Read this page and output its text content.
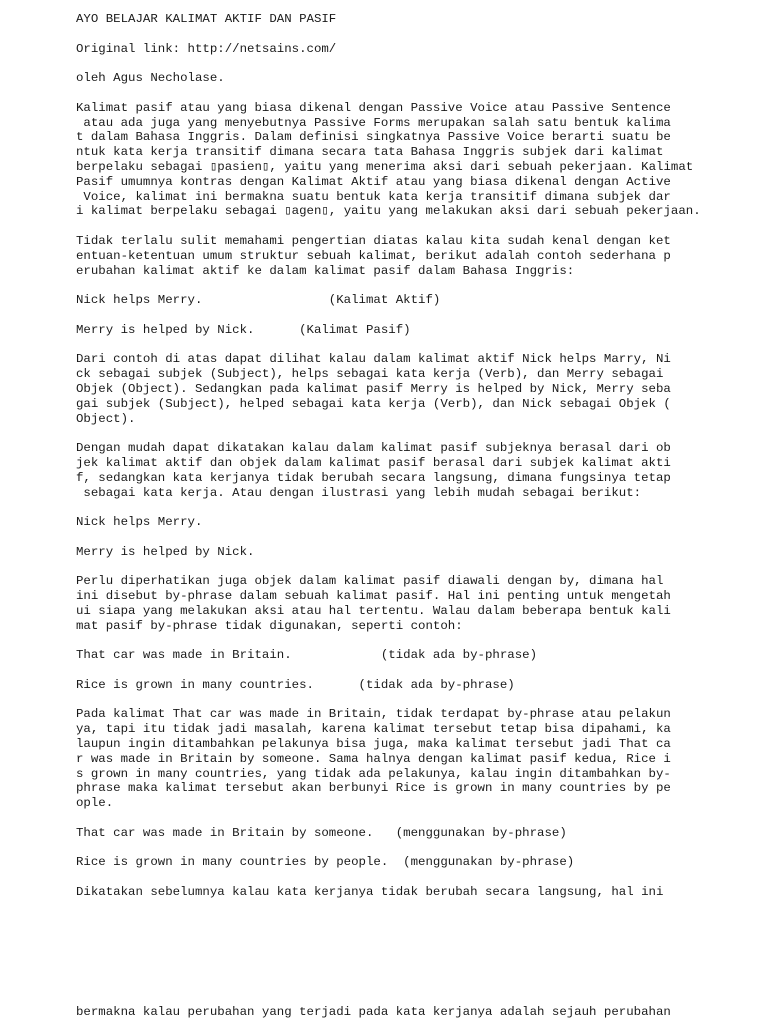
AYO BELAJAR KALIMAT AKTIF DAN PASIF
Original link: http://netsains.com/
oleh Agus Necholase.
Kalimat pasif atau yang biasa dikenal dengan Passive Voice atau Passive Sentence
atau ada juga yang menyebutnya Passive Forms merupakan salah satu bentuk kalima
t dalam Bahasa Inggris. Dalam definisi singkatnya Passive Voice berarti suatu be
ntuk kata kerja transitif dimana secara tata Bahasa Inggris subjek dari kalimat
berpelaku sebagai ▯pasien▯, yaitu yang menerima aksi dari sebuah pekerjaan. Kalimat
Pasif umumnya kontras dengan Kalimat Aktif atau yang biasa dikenal dengan Active
Voice, kalimat ini bermakna suatu bentuk kata kerja transitif dimana subjek dar
i kalimat berpelaku sebagai ▯agen▯, yaitu yang melakukan aksi dari sebuah pekerjaan.
Tidak terlalu sulit memahami pengertian diatas kalau kita sudah kenal dengan ket
entuan-ketentuan umum struktur sebuah kalimat, berikut adalah contoh sederhana p
erubahan kalimat aktif ke dalam kalimat pasif dalam Bahasa Inggris:
Nick helps Merry.                 (Kalimat Aktif)
Merry is helped by Nick.      (Kalimat Pasif)
Dari contoh di atas dapat dilihat kalau dalam kalimat aktif Nick helps Marry, Ni
ck sebagai subjek (Subject), helps sebagai kata kerja (Verb), dan Merry sebagai
Objek (Object). Sedangkan pada kalimat pasif Merry is helped by Nick, Merry seba
gai subjek (Subject), helped sebagai kata kerja (Verb), dan Nick sebagai Objek (
Object).
Dengan mudah dapat dikatakan kalau dalam kalimat pasif subjeknya berasal dari ob
jek kalimat aktif dan objek dalam kalimat pasif berasal dari subjek kalimat akti
f, sedangkan kata kerjanya tidak berubah secara langsung, dimana fungsinya tetap
sebagai kata kerja. Atau dengan ilustrasi yang lebih mudah sebagai berikut:
Nick helps Merry.
Merry is helped by Nick.
Perlu diperhatikan juga objek dalam kalimat pasif diawali dengan by, dimana hal
ini disebut by-phrase dalam sebuah kalimat pasif. Hal ini penting untuk mengetah
ui siapa yang melakukan aksi atau hal tertentu. Walau dalam beberapa bentuk kali
mat pasif by-phrase tidak digunakan, seperti contoh:
That car was made in Britain.            (tidak ada by-phrase)
Rice is grown in many countries.      (tidak ada by-phrase)
Pada kalimat That car was made in Britain, tidak terdapat by-phrase atau pelakun
ya, tapi itu tidak jadi masalah, karena kalimat tersebut tetap bisa dipahami, ka
laupun ingin ditambahkan pelakunya bisa juga, maka kalimat tersebut jadi That ca
r was made in Britain by someone. Sama halnya dengan kalimat pasif kedua, Rice i
s grown in many countries, yang tidak ada pelakunya, kalau ingin ditambahkan by-
phrase maka kalimat tersebut akan berbunyi Rice is grown in many countries by pe
ople.
That car was made in Britain by someone.   (menggunakan by-phrase)
Rice is grown in many countries by people.  (menggunakan by-phrase)
Dikatakan sebelumnya kalau kata kerjanya tidak berubah secara langsung, hal ini
bermakna kalau perubahan yang terjadi pada kata kerjanya adalah sejauh perubahan
